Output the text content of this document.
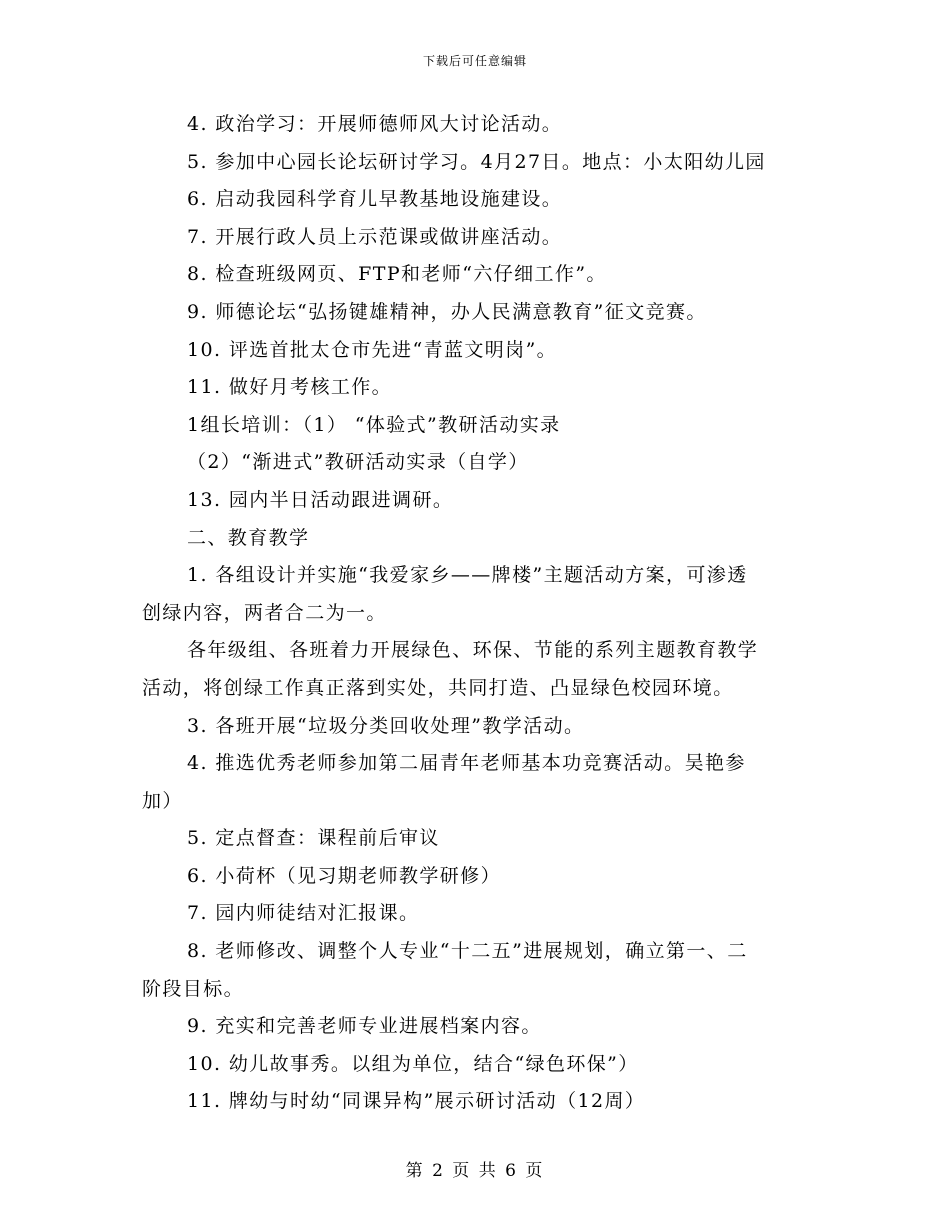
下载后可任意编辑
4. 政治学习：开展师德师风大讨论活动。
5. 参加中心园长论坛研讨学习。4月27日。地点：小太阳幼儿园
6. 启动我园科学育儿早教基地设施建设。
7. 开展行政人员上示范课或做讲座活动。
8. 检查班级网页、FTP和老师“六仔细工作”。
9. 师德论坛“弘扬键雄精神，办人民满意教育”征文竞赛。
10. 评选首批太仓市先进“青蓝文明岗”。
11. 做好月考核工作。
1组长培训：（1） “体验式”教研活动实录
（2）“渐进式”教研活动实录（自学）
13. 园内半日活动跟进调研。
二、教育教学
1. 各组设计并实施“我爱家乡——牌楼”主题活动方案，可渗透
创绿内容，两者合二为一。
各年级组、各班着力开展绿色、环保、节能的系列主题教育教学
活动，将创绿工作真正落到实处，共同打造、凸显绿色校园环境。
3. 各班开展“垃圾分类回收处理”教学活动。
4. 推选优秀老师参加第二届青年老师基本功竞赛活动。吴艳参
加）
5. 定点督查：课程前后审议
6. 小荷杯（见习期老师教学研修）
7. 园内师徒结对汇报课。
8. 老师修改、调整个人专业“十二五”进展规划，确立第一、二
阶段目标。
9. 充实和完善老师专业进展档案内容。
10. 幼儿故事秀。以组为单位，结合“绿色环保”）
11. 牌幼与时幼“同课异构”展示研讨活动（12周）
第 2 页 共 6 页
